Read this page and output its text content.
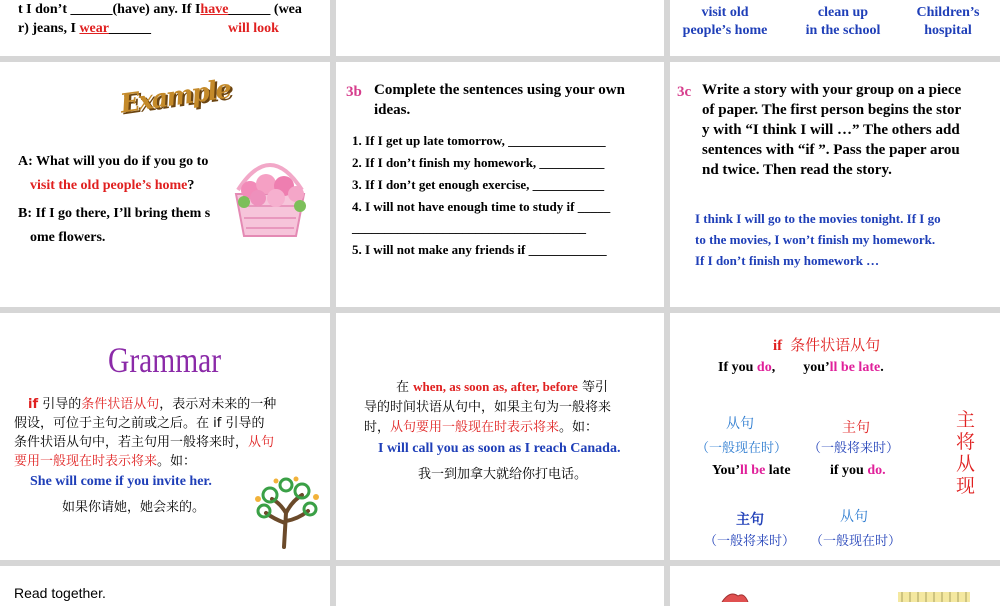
t I don’t ______(have) any. If Ihave______ (wea
r) jeans, I wear______	will look
visit old
people’s home
clean up
in the school
Children’s
hospital
Example
A: What will you do if you go to
visit the old people’s home?
B: If I go there, I’ll bring them s
ome flowers.
3b Complete the sentences using your own ideas.
1. If I get up late tomorrow, _______________
2. If I don’t finish my homework, __________
3. If I don’t get enough exercise, ___________
4. I will not have enough time to study if _____
____________________________________
5. I will not make any friends if ____________
3c Write a story with your group on a piece
of paper. The first person begins the stor
y with “I think I will …” The others add
sentences with “if ”. Pass the paper arou
nd twice. Then read the story.
I think I will go to the movies tonight. If I go
to the movies, I won’t finish my homework.
If I don’t finish my homework …
Grammar
if 引导的条件状语从句，表示对未来的一种
假设，可位于主句之前或之后。在 if 引导的
条件状语从句中，若主句用一般将来时，从句
要用一般现在时表示将来。如：
She will come if you invite her.
如果你请她，她会来的。
在 when, as soon as, after, before 等引
导的时间状语从句中，如果主句为一般将来
时，从句要用一般现在时表示将来。如：
I will call you as soon as I reach Canada.
我一到加拿大就给你打电话。
if 条件状语从句
If you do,        you’ll be late.
从句	主句
（一般现在时） （一般将来时）
You’ll be late	if you do.
主句	从句
（一般将来时） （一般现在时）
主将从现
Read together.
